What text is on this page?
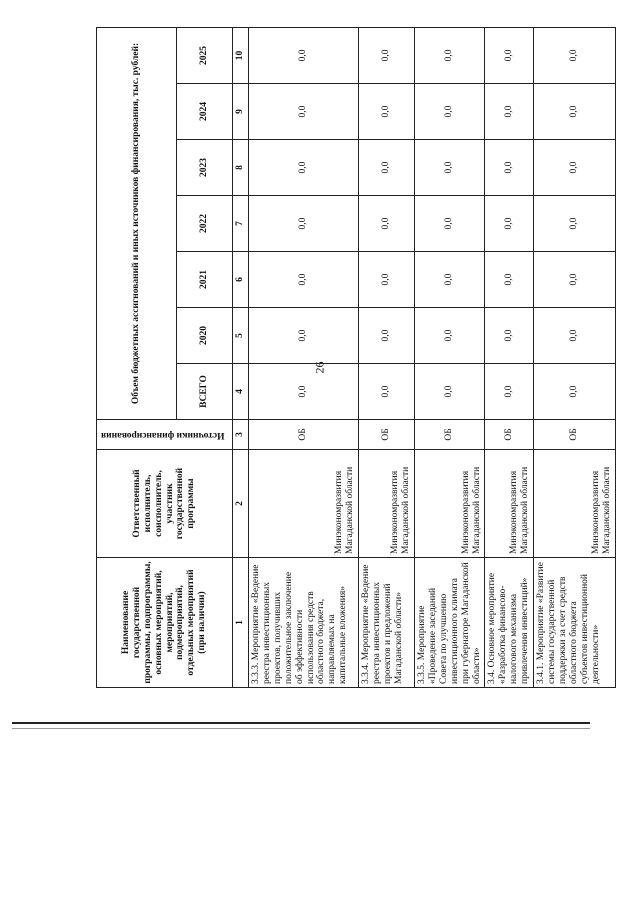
26
Наименование государственной программы, подпрограммы, основных мероприятий, мероприятий, подмероприятий, отдельных мероприятий (при наличии)	Ответственный исполнитель, соисполнитель, участник государственной программы	Источники финансирования	Объем бюджетных ассигнований и иных источников финансирования, тыс. рублей:						
			ВСЕГО	2020	2021	2022	2023	2024	2025
1	2	3	4	5	6	7	8	9	10
3.3.3. Мероприятие «Ведение реестра инвестиционных проектов, получивших положительное заключение об эффективности использования средств областного бюджета, направляемых на капитальные вложения»	Минэкономразвития Магаданской области	ОБ	0,0	0,0	0,0	0,0	0,0	0,0	0,0
3.3.4. Мероприятие «Ведение реестра инвестиционных проектов и предложений Магаданской области»	Минэкономразвития Магаданской области	ОБ	0,0	0,0	0,0	0,0	0,0	0,0	0,0
3.3.5. Мероприятие «Проведение заседаний Совета по улучшению инвестиционного климата при губернаторе Магаданской области»	Минэкономразвития Магаданской области	ОБ	0,0	0,0	0,0	0,0	0,0	0,0	0,0
3.4. Основное мероприятие «Разработка финансово-налогового механизма привлечения инвестиций»	Минэкономразвития Магаданской области	ОБ	0,0	0,0	0,0	0,0	0,0	0,0	0,0
3.4.1. Мероприятие «Развитие системы государственной поддержки за счет средств областного бюджета субъектов инвестиционной деятельности»	Минэкономразвития Магаданской области	ОБ	0,0	0,0	0,0	0,0	0,0	0,0	0,0
